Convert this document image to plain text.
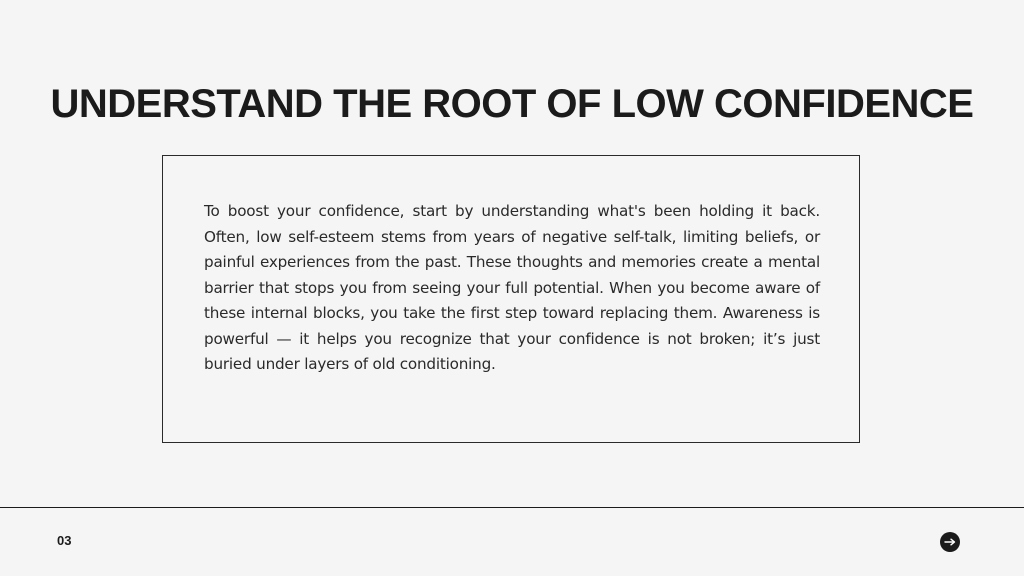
UNDERSTAND THE ROOT OF LOW CONFIDENCE

To boost your confidence, start by understanding what's been holding it back. Often, low self-esteem stems from years of negative self-talk, limiting beliefs, or painful experiences from the past. These thoughts and memories create a mental barrier that stops you from seeing your full potential. When you become aware of these internal blocks, you take the first step toward replacing them. Awareness is powerful — it helps you recognize that your confidence is not broken; it’s just buried under layers of old conditioning.

03
